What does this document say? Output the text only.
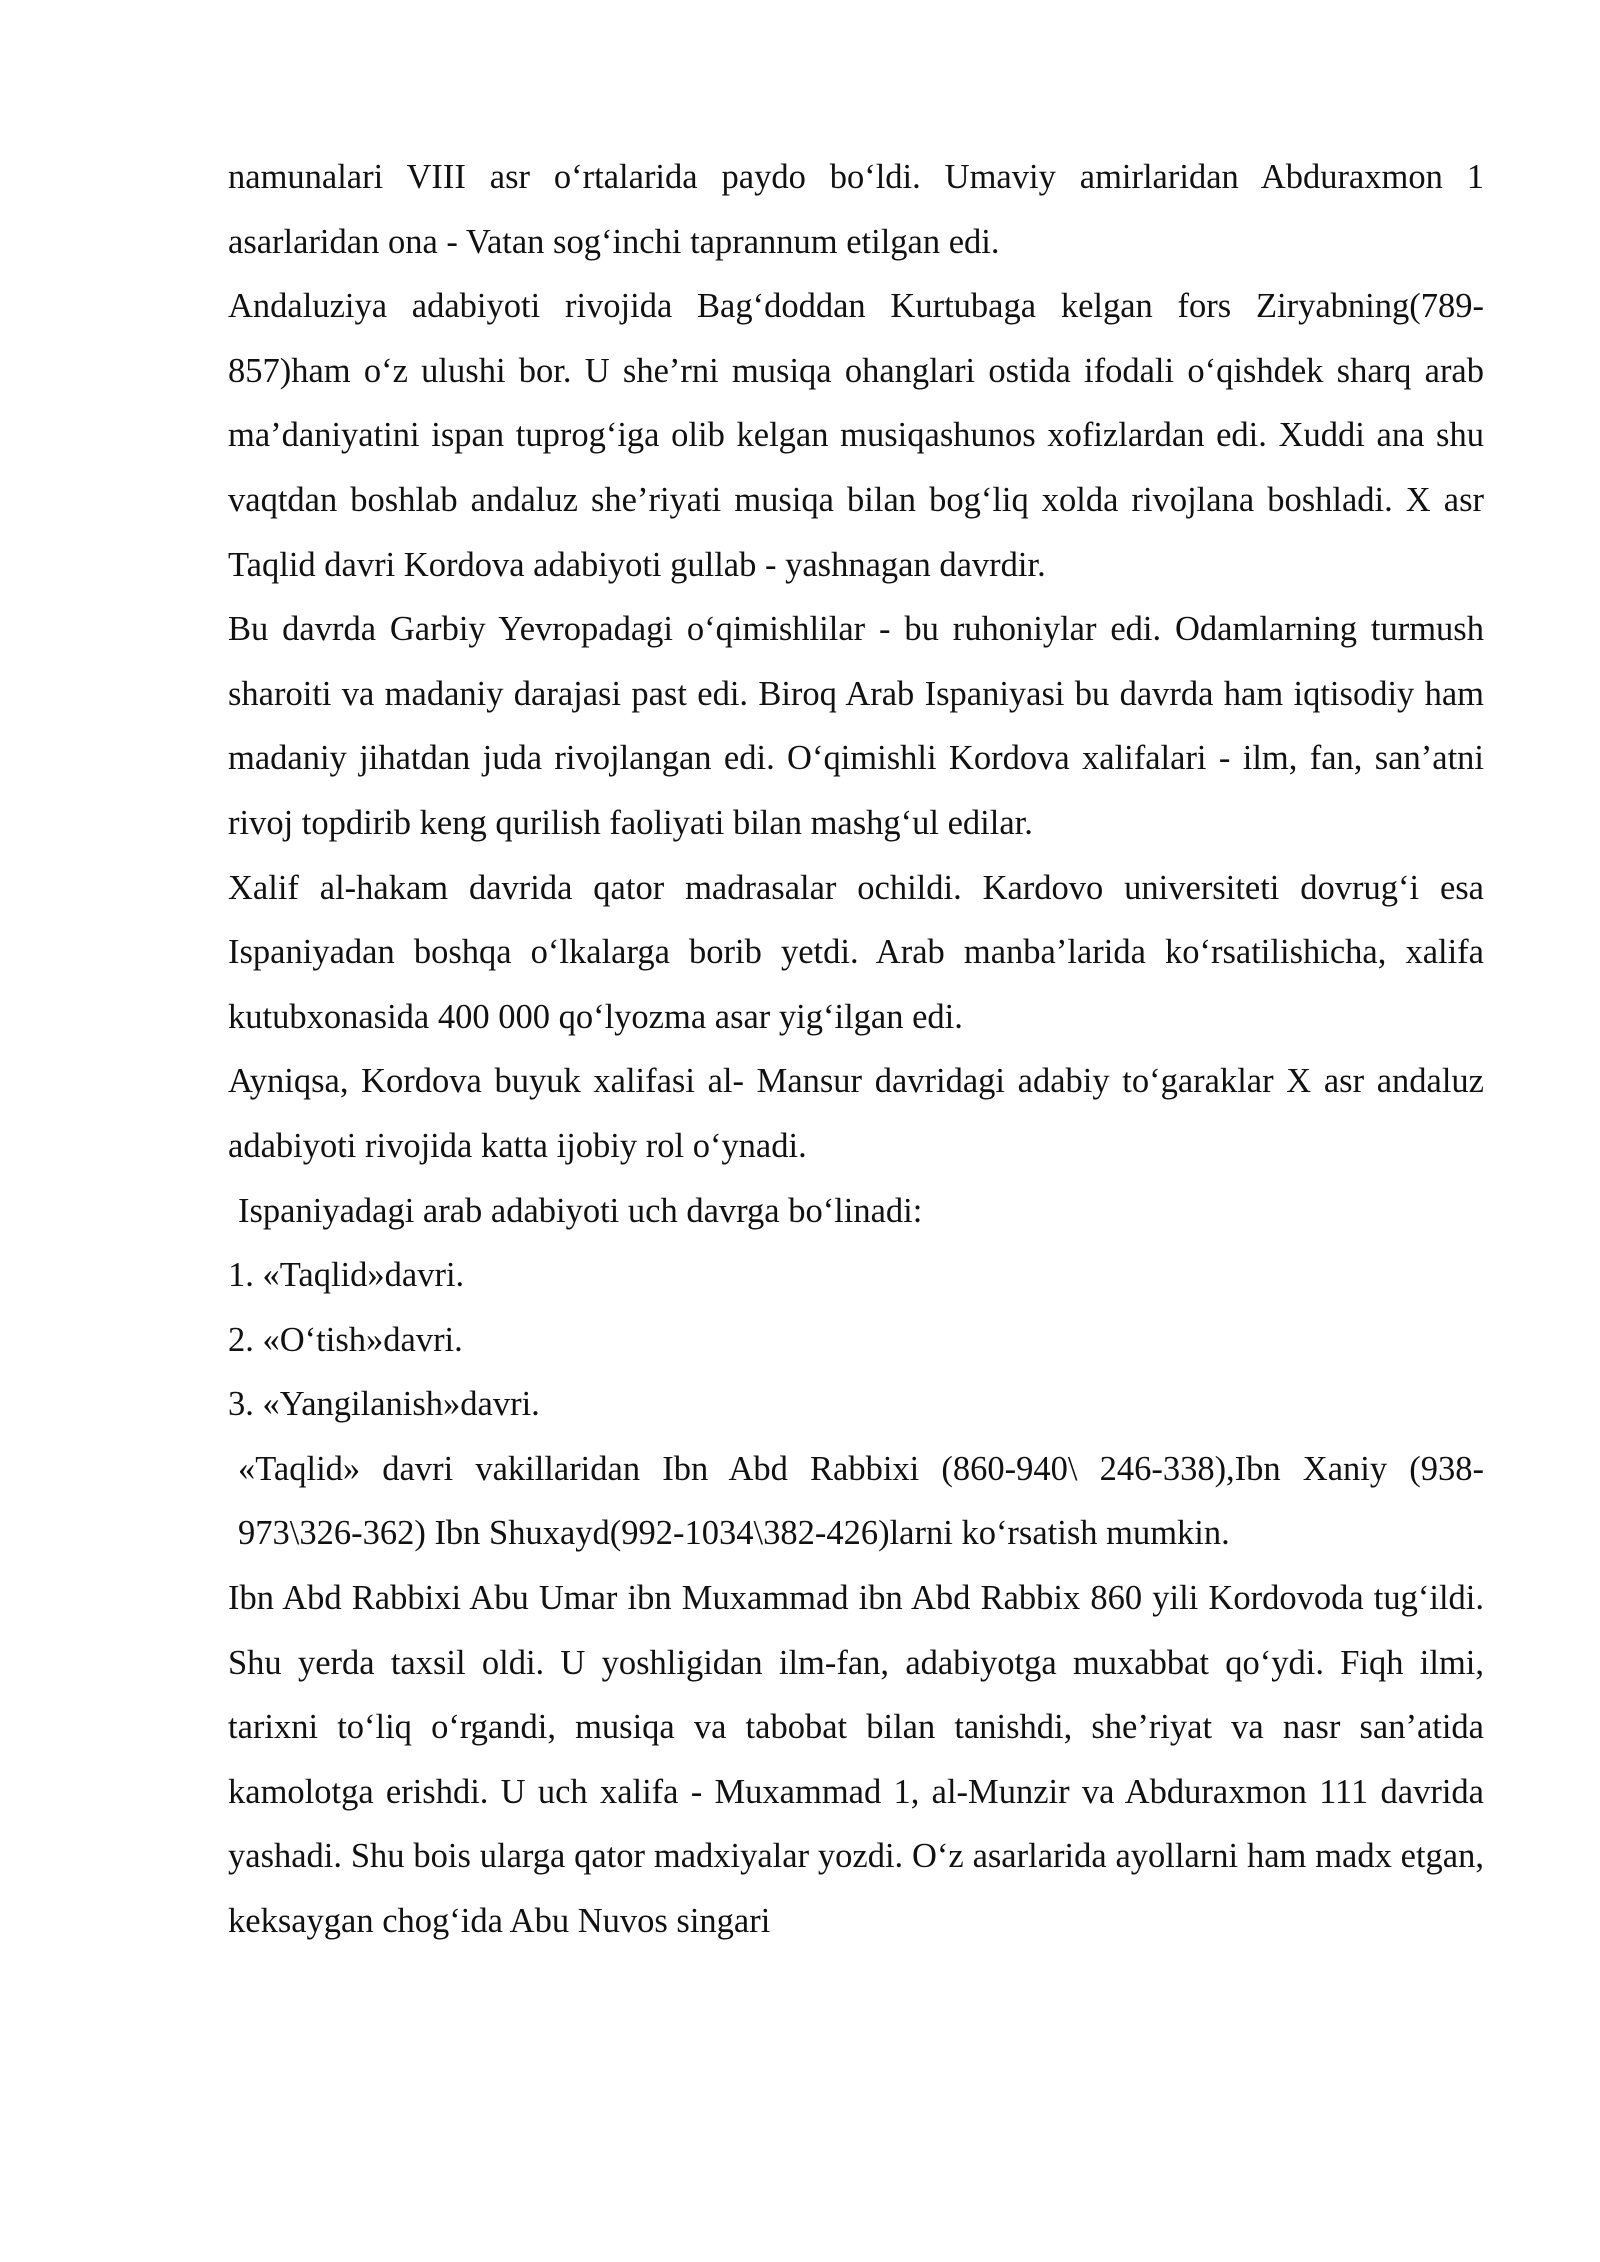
namunalari VIII asr o‘rtalarida paydo bo‘ldi. Umaviy amirlaridan Abduraxmon 1 asarlaridan ona - Vatan sog‘inchi taprannum etilgan edi.

Andaluziya adabiyoti rivojida Bag‘doddan Kurtubaga kelgan fors Ziryabning(789-857)ham o‘z ulushi bor. U she’rni musiqa ohanglari ostida ifodali o‘qishdek sharq arab ma’daniyatini ispan tuprog‘iga olib kelgan musiqashunos xofizlardan edi. Xuddi ana shu vaqtdan boshlab andaluz she’riyati musiqa bilan bog‘liq xolda rivojlana boshladi. X asr Taqlid davri Kordova adabiyoti gullab - yashnagan davrdir.

Bu davrda Garbiy Yevropadagi o‘qimishlilar - bu ruhoniylar edi. Odamlarning turmush sharoiti va madaniy darajasi past edi. Biroq Arab Ispaniyasi bu davrda ham iqtisodiy ham madaniy jihatdan juda rivojlangan edi. O‘qimishli Kordova xalifalari - ilm, fan, san’atni rivoj topdirib keng qurilish faoliyati bilan mashg‘ul edilar.

Xalif al-hakam davrida qator madrasalar ochildi. Kardovo universiteti dovrug‘i esa Ispaniyadan boshqa o‘lkalarga borib yetdi. Arab manba’larida ko‘rsatilishicha, xalifa kutubxonasida 400 000 qo‘lyozma asar yig‘ilgan edi.

Ayniqsa, Kordova buyuk xalifasi al- Mansur davridagi adabiy to‘garaklar X asr andaluz adabiyoti rivojida katta ijobiy rol o‘ynadi.

Ispaniyadagi arab adabiyoti uch davrga bo‘linadi:

1. «Taqlid»davri.

2. «O‘tish»davri.

3. «Yangilanish»davri.

«Taqlid» davri vakillaridan Ibn Abd Rabbixi (860-940\ 246-338),Ibn Xaniy (938-973\326-362) Ibn Shuxayd(992-1034\382-426)larni ko‘rsatish mumkin.

Ibn Abd Rabbixi Abu Umar ibn Muxammad ibn Abd Rabbix 860 yili Kordovoda tug‘ildi. Shu yerda taxsil oldi. U yoshligidan ilm-fan, adabiyotga muxabbat qo‘ydi. Fiqh ilmi, tarixni to‘liq o‘rgandi, musiqa va tabobat bilan tanishdi, she’riyat va nasr san’atida kamolotga erishdi. U uch xalifa - Muxammad 1, al-Munzir va Abduraxmon 111 davrida yashadi. Shu bois ularga qator madxiyalar yozdi. O‘z asarlarida ayollarni ham madx etgan, keksaygan chog‘ida Abu Nuvos singari
